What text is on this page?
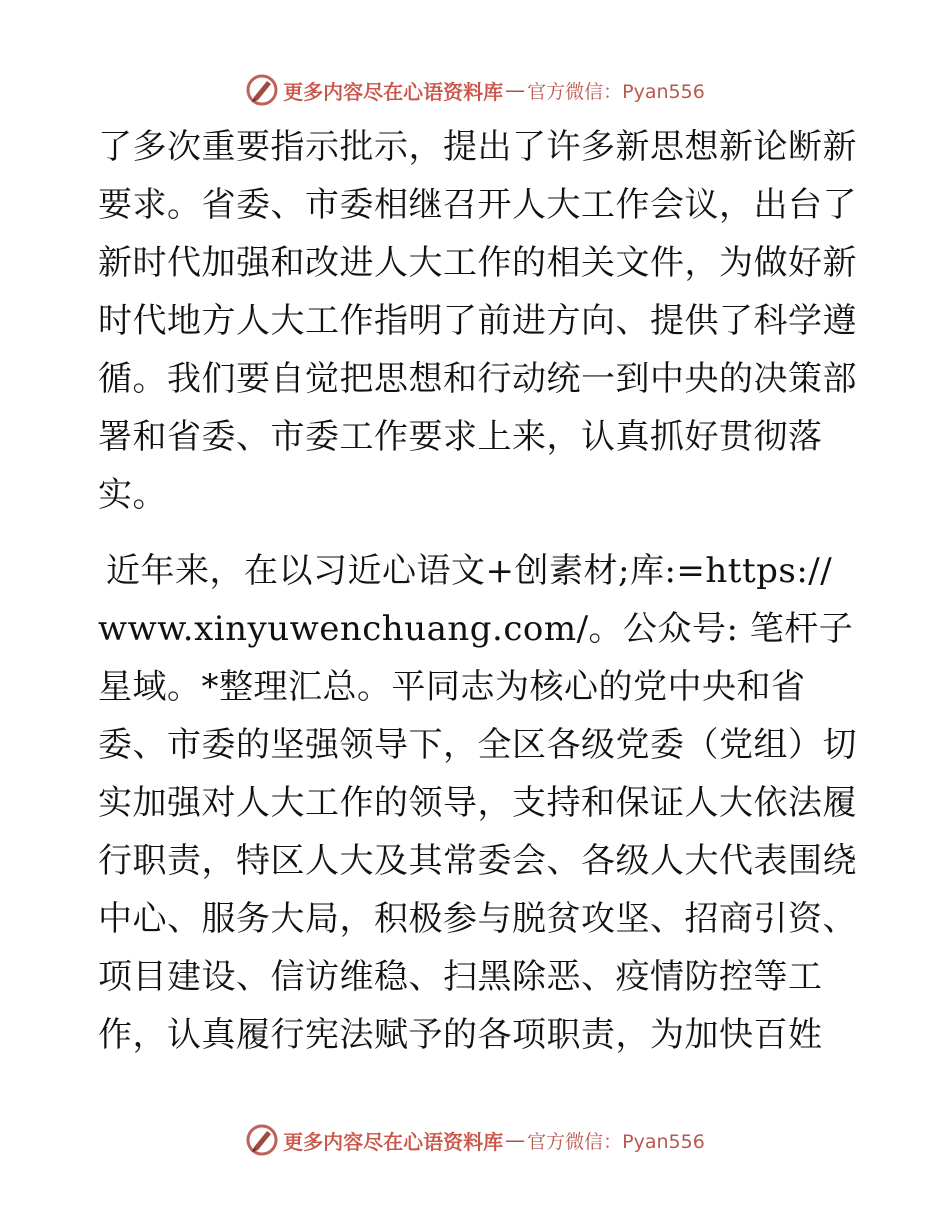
更多内容尽在心语资料库 — 官方微信：Pyan556

了多次重要指示批示，提出了许多新思想新论断新要求。省委、市委相继召开人大工作会议，出台了新时代加强和改进人大工作的相关文件，为做好新时代地方人大工作指明了前进方向、提供了科学遵循。我们要自觉把思想和行动统一到中央的决策部署和省委、市委工作要求上来，认真抓好贯彻落实。

近年来，在以习近心语文+创素材;库:=https://www.xinyuwenchuang.com/。公众号: 笔杆子星域。*整理汇总。平同志为核心的党中央和省委、市委的坚强领导下，全区各级党委（党组）切实加强对人大工作的领导，支持和保证人大依法履行职责，特区人大及其常委会、各级人大代表围绕中心、服务大局，积极参与脱贫攻坚、招商引资、项目建设、信访维稳、扫黑除恶、疫情防控等工作，认真履行宪法赋予的各项职责，为加快百姓

更多内容尽在心语资料库 — 官方微信：Pyan556
